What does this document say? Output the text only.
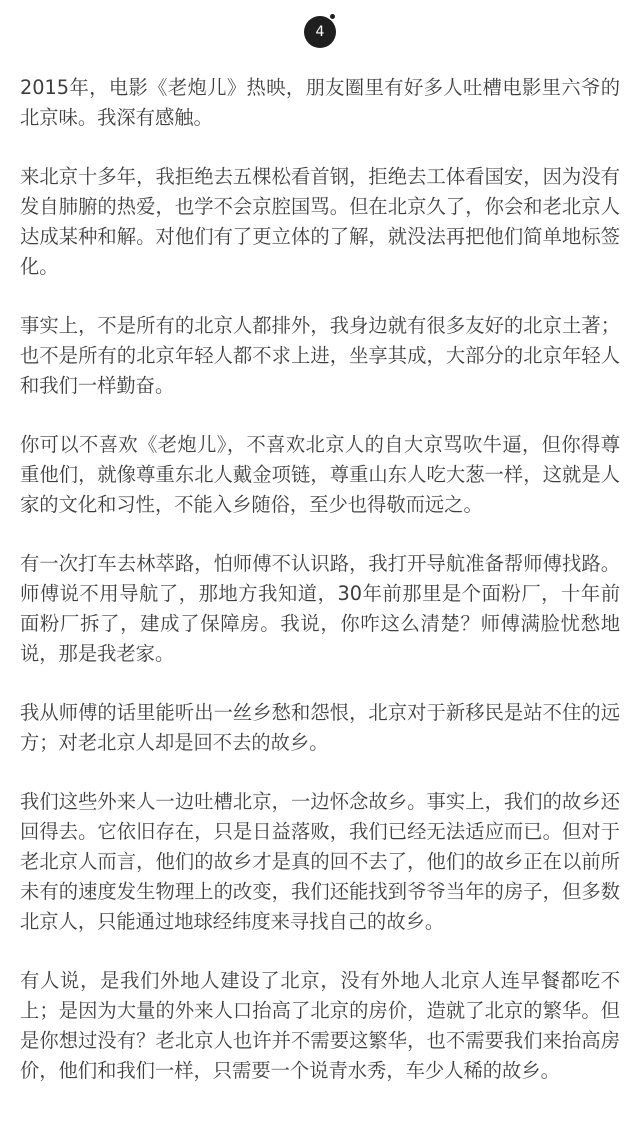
4

2015年，电影《老炮儿》热映，朋友圈里有好多人吐槽电影里六爷的北京味。我深有感触。

来北京十多年，我拒绝去五棵松看首钢，拒绝去工体看国安，因为没有发自肺腑的热爱，也学不会京腔国骂。但在北京久了，你会和老北京人达成某种和解。对他们有了更立体的了解，就没法再把他们简单地标签化。

事实上，不是所有的北京人都排外，我身边就有很多友好的北京土著；也不是所有的北京年轻人都不求上进，坐享其成，大部分的北京年轻人和我们一样勤奋。

你可以不喜欢《老炮儿》，不喜欢北京人的自大京骂吹牛逼，但你得尊重他们，就像尊重东北人戴金项链，尊重山东人吃大葱一样，这就是人家的文化和习性，不能入乡随俗，至少也得敬而远之。

有一次打车去林萃路，怕师傅不认识路，我打开导航准备帮师傅找路。师傅说不用导航了，那地方我知道，30年前那里是个面粉厂，十年前面粉厂拆了，建成了保障房。我说，你咋这么清楚？师傅满脸忧愁地说，那是我老家。

我从师傅的话里能听出一丝乡愁和怨恨，北京对于新移民是站不住的远方；对老北京人却是回不去的故乡。

我们这些外来人一边吐槽北京，一边怀念故乡。事实上，我们的故乡还回得去。它依旧存在，只是日益落败，我们已经无法适应而已。但对于老北京人而言，他们的故乡才是真的回不去了，他们的故乡正在以前所未有的速度发生物理上的改变，我们还能找到爷爷当年的房子，但多数北京人，只能通过地球经纬度来寻找自己的故乡。

有人说，是我们外地人建设了北京，没有外地人北京人连早餐都吃不上；是因为大量的外来人口抬高了北京的房价，造就了北京的繁华。但是你想过没有？老北京人也许并不需要这繁华，也不需要我们来抬高房价，他们和我们一样，只需要一个说青水秀，车少人稀的故乡。
